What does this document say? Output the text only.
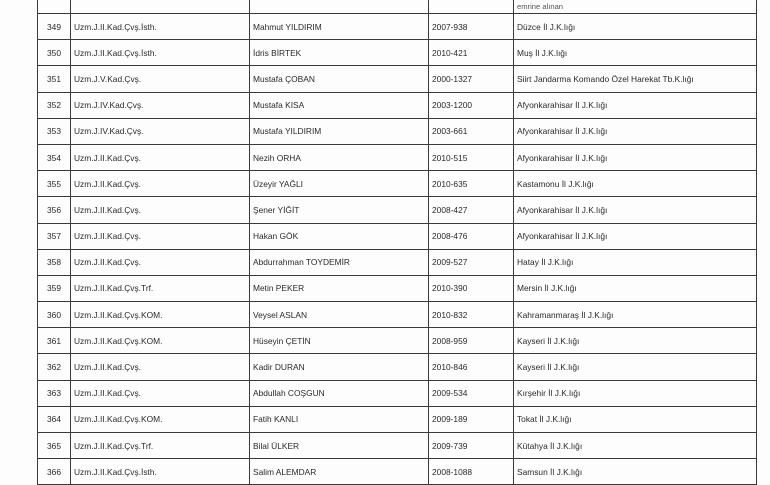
				emrine alınan

349	Uzm.J.II.Kad.Çvş.İsth.	Mahmut YILDIRIM	2007-938	Düzce İl J.K.lığı
350	Uzm.J.II.Kad.Çvş.İsth.	İdris BİRTEK	2010-421	Muş İl J.K.lığı
351	Uzm.J.V.Kad.Çvş.	Mustafa ÇOBAN	2000-1327	Siirt Jandarma Komando Özel Harekat Tb.K.lığı
352	Uzm.J.IV.Kad.Çvş.	Mustafa KISA	2003-1200	Afyonkarahisar İl J.K.lığı
353	Uzm.J.IV.Kad.Çvş.	Mustafa YILDIRIM	2003-661	Afyonkarahisar İl J.K.lığı
354	Uzm.J.II.Kad.Çvş.	Nezih ORHA	2010-515	Afyonkarahisar İl J.K.lığı
355	Uzm.J.II.Kad.Çvş.	Üzeyir YAĞLI	2010-635	Kastamonu İl J.K.lığı
356	Uzm.J.II.Kad.Çvş.	Şener YİĞİT	2008-427	Afyonkarahisar İl J.K.lığı
357	Uzm.J.II.Kad.Çvş.	Hakan GÖK	2008-476	Afyonkarahisar İl J.K.lığı
358	Uzm.J.II.Kad.Çvş.	Abdurrahman TOYDEMİR	2009-527	Hatay İl J.K.lığı
359	Uzm.J.II.Kad.Çvş.Trf.	Metin PEKER	2010-390	Mersin İl J.K.lığı
360	Uzm.J.II.Kad.Çvş.KOM.	Veysel ASLAN	2010-832	Kahramanmaraş İl J.K.lığı
361	Uzm.J.II.Kad.Çvş.KOM.	Hüseyin ÇETİN	2008-959	Kayseri İl J.K.lığı
362	Uzm.J.II.Kad.Çvş.	Kadir DURAN	2010-846	Kayseri İl J.K.lığı
363	Uzm.J.II.Kad.Çvş.	Abdullah COŞGUN	2009-534	Kırşehir İl J.K.lığı
364	Uzm.J.II.Kad.Çvş.KOM.	Fatih KANLI	2009-189	Tokat İl J.K.lığı
365	Uzm.J.II.Kad.Çvş.Trf.	Bilal ÜLKER	2009-739	Kütahya İl J.K.lığı
366	Uzm.J.II.Kad.Çvş.İsth.	Salim ALEMDAR	2008-1088	Samsun İl J.K.lığı
